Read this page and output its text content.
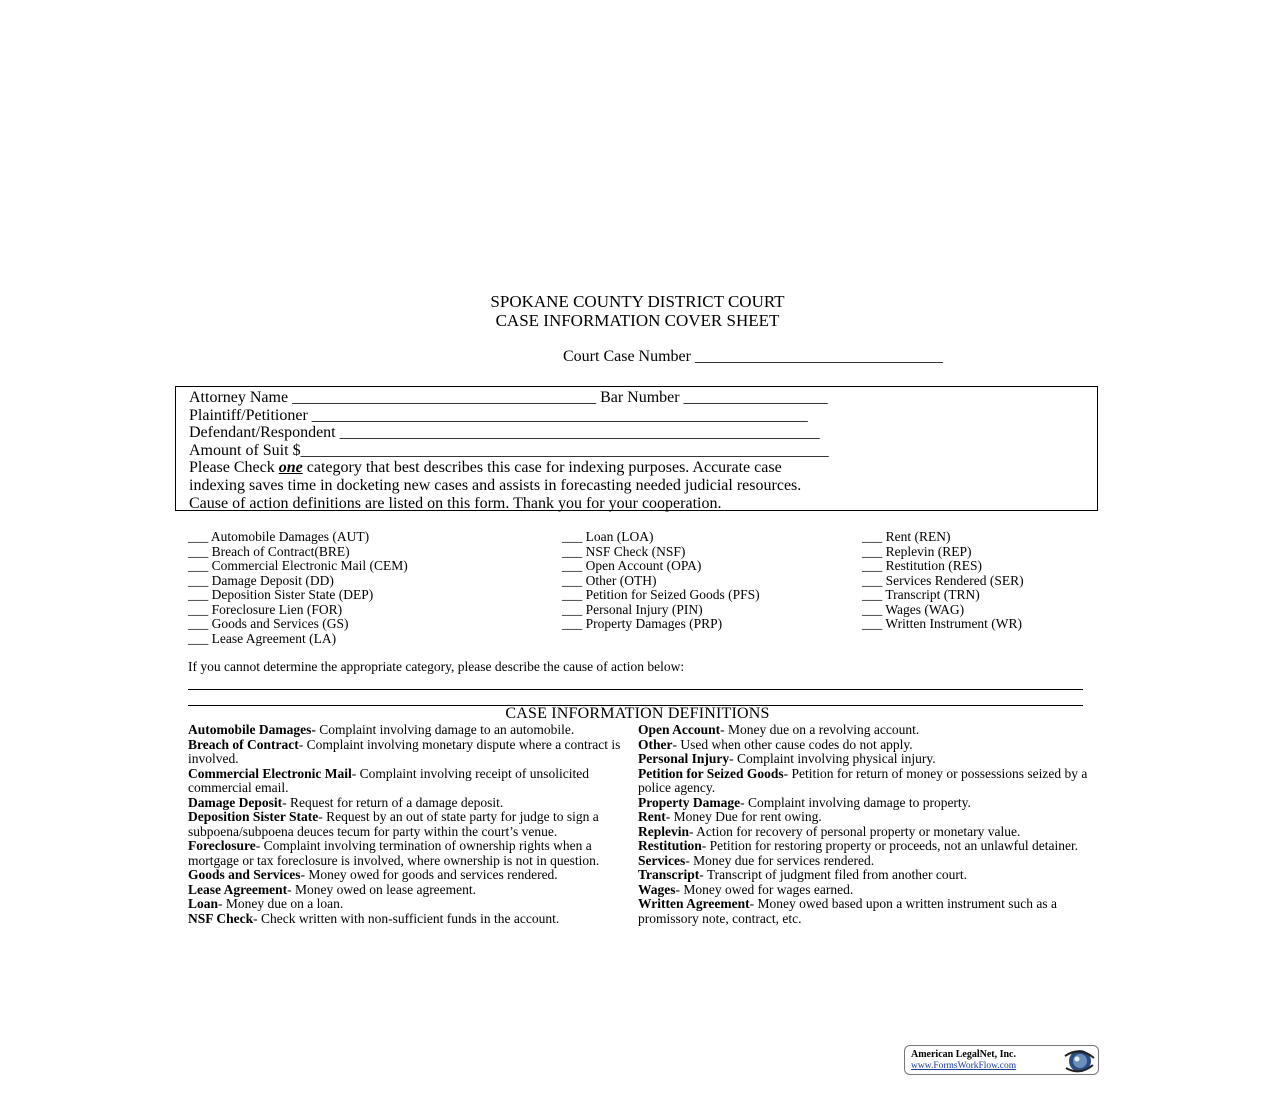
SPOKANE COUNTY DISTRICT COURT
CASE INFORMATION COVER SHEET
Court Case Number _______________________________
Attorney Name ______________________________________ Bar Number __________________
Plaintiff/Petitioner ______________________________________________________________
Defendant/Respondent ____________________________________________________________
Amount of Suit $__________________________________________________________________
Please Check one category that best describes this case for indexing purposes. Accurate case
indexing saves time in docketing new cases and assists in forecasting needed judicial resources.
Cause of action definitions are listed on this form. Thank you for your cooperation.
___ Automobile Damages (AUT)
___ Breach of Contract(BRE)
___ Commercial Electronic Mail (CEM)
___ Damage Deposit (DD)
___ Deposition Sister State (DEP)
___ Foreclosure Lien (FOR)
___ Goods and Services (GS)
___ Lease Agreement (LA)
___ Loan (LOA)
___ NSF Check (NSF)
___ Open Account (OPA)
___ Other (OTH)
___ Petition for Seized Goods (PFS)
___ Personal Injury (PIN)
___ Property Damages (PRP)
___ Rent (REN)
___ Replevin (REP)
___ Restitution (RES)
___ Services Rendered (SER)
___ Transcript (TRN)
___ Wages (WAG)
___ Written Instrument (WR)
If you cannot determine the appropriate category, please describe the cause of action below:
CASE INFORMATION DEFINITIONS
Automobile Damages- Complaint involving damage to an automobile.
Breach of Contract- Complaint involving monetary dispute where a contract is involved.
Commercial Electronic Mail- Complaint involving receipt of unsolicited commercial email.
Damage Deposit- Request for return of a damage deposit.
Deposition Sister State- Request by an out of state party for judge to sign a subpoena/subpoena deuces tecum for party within the court’s venue.
Foreclosure- Complaint involving termination of ownership rights when a mortgage or tax foreclosure is involved, where ownership is not in question.
Goods and Services- Money owed for goods and services rendered.
Lease Agreement- Money owed on lease agreement.
Loan- Money due on a loan.
NSF Check- Check written with non-sufficient funds in the account.
Open Account- Money due on a revolving account.
Other- Used when other cause codes do not apply.
Personal Injury- Complaint involving physical injury.
Petition for Seized Goods- Petition for return of money or possessions seized by a police agency.
Property Damage- Complaint involving damage to property.
Rent- Money Due for rent owing.
Replevin- Action for recovery of personal property or monetary value.
Restitution- Petition for restoring property or proceeds, not an unlawful detainer.
Services- Money due for services rendered.
Transcript- Transcript of judgment filed from another court.
Wages- Money owed for wages earned.
Written Agreement- Money owed based upon a written instrument such as a promissory note, contract, etc.
American LegalNet, Inc.
www.FormsWorkFlow.com
